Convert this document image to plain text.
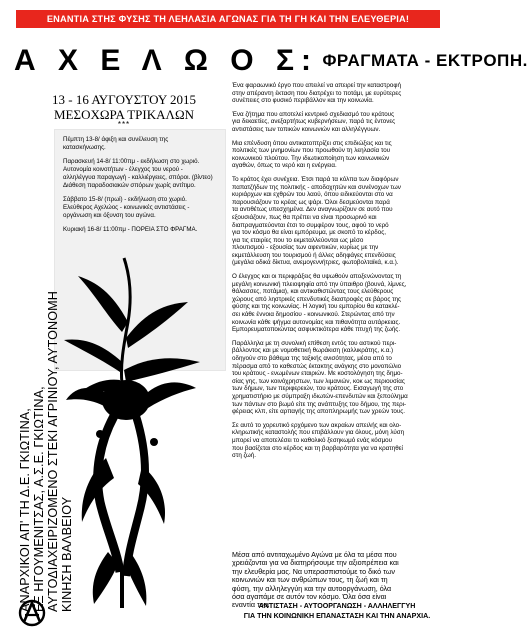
ΕΝΑΝΤΙΑ ΣΤΗΣ ΦΥΣΗΣ ΤΗ ΛΕΗΛΑΣΙΑ ΑΓΩΝΑΣ ΓΙΑ ΤΗ ΓΗ ΚΑΙ ΤΗΝ ΕΛΕΥΘΕΡΙΑ!
Α Χ Ε Λ Ω Ο Σ: ΦΡΑΓΜΑΤΑ - ΕΚΤΡΟΠΗ.
13 - 16 ΑΥΓΟΥΣΤΟΥ 2015
ΜΕΣΟΧΩΡΑ ΤΡΙΚΑΛΩΝ
***

Πέμπτη 13-8/ άφιξη και συνέλευση της
κατασκήνωσης.

Παρασκευή 14-8/ 11:00πμ - εκδήλωση στο χωριό.
Αυτονομία κοινοτήτων - έλεγχος του νερού -
αλληλέγγυα παραγωγή - καλλιέργειες, σπόροι. (βίντεο)
Διάθεση παραδοσιακών σπόρων χωρίς αντίτιμο.

Σάββατο 15-8/ (πρωί) - εκδήλωση στο χωριό.
Ελεύθερος Αχελώος - κοινωνικές αντιστάσεις -
οργάνωση και όξυνση του αγώνα.

Κυριακή 16-8/ 11:00πμ - ΠΟΡΕΙΑ ΣΤΟ ΦΡΑΓΜΑ.

ΑΝΑΡΧΙΚΟΙ ΑΠ' ΤΗ Δ.Ε. ΓΚΙΩΤΙΝΑ, ΕΞ ΗΓΟΥΜΕΝΙΤΣΑΣ, Α.Σ.Ε. ΓΚΙΩΤΙΝΑ, ΑΥΤΟΔΙΑΧΕΙΡΙΖΟΜΕΝΟ ΣΤΕΚΙ ΑΓΡΙΝΙΟΥ, ΑΥΤΟΝΟΜΗ ΚΙΝΗΣΗ ΒΑΛΒΕΙΟΥ

Ένα φαραωνικό έργο που απειλεί να απειρεί την καταστροφή
στην απέραντη έκταση που διατρέχει το ποτάμι, με ευρύτερες
συνέπειες στο φυσικό περιβάλλον και την κοινωνία.

Ένα ζήτημα που αποτελεί κεντρικό σχεδιασμό του κράτους
για δεκαετίες, ανεξαρτήτως κυβερνήσεων, παρά τις έντονες
αντιστάσεις των τοπικών κοινωνιών και αλληλέγγυων.

Μια επένδυση όπου αντικατοπτρίζει στις επιδιώξεις και τις
πολιτικές των μνημονίων που προωθούν τη λεηλασία του
κοινωνικού πλούτου. Την ιδιωτικοποίηση των κοινωνικών
αγαθών, όπως το νερό και η ενέργεια.

Το κράτος έχει συνέχεια. Έτσι παρά τα κόλπα των διαφόρων
παπατζήδων της πολιτικής - αποδοχητών και συνένοχων των
κυριάρχων και εχθρών του λαού, όπου ειδικεύονται στο να
παρουσιάζουν το κρέας ως ψάρι. Όλοι δεσμεύονται παρά
τα αντιθέτως υπεσχημένα. Δεν αναγνωρίζουν σε αυτό που
εξουσιάζουν, πως θα πρέπει να είναι προσωρινό και
διαπραγματεύονται έτσι το συμφέρον τους, αφού το νερό
για τον κόσμο θα είναι εμπόρευμα, με σκοπό το κέρδος,
για τις εταιρίες που το εκμεταλλεύονται ως μέσο
πλουτισμού - εξουσίας των αφεντικών, κυρίως με την
εκμετάλλευση του τουρισμού ή άλλες αδηφάγες επενδύσεις
(μεγάλα οδικά δίκτυα, ανεμογεννήτριες, φωτοβολταϊκά, κ.α.).

Ο έλεγχος και οι περιφράξεις θα υψωθούν αποξενώνοντας τη
μεγάλη κοινωνική πλειοψηφία από την ύπαιθρο (βουνά, λίμνες,
θάλασσες, ποτάμια), και αντικαθιστώντας τους ελεύθερους
χώρους από ληστρικές επενδυτικές διαστροφές σε βάρος της
φύσης και της κοινωνίας. Η λογική του εμπορίου θα κατακλέ-
σει κάθε έννοια δημοσίου - κοινωνικού. Στερώντας από την
κοινωνία κάθε ψήγμα αυτονομίας και πιθανότητα αυτάρκειας.
Εμπορευματοποιώντας ασφυκτικότερα κάθε πτυχή της ζωής.

Παράλληλα με τη συνολική επίθεση εντός του αστικού περι-
βάλλοντος και με νομοθετική θωράκιση (καλλικράτης, κ.α.)
οδηγούν στο βάθεμα της ταξικής ανισότητας, μέσα από το
πέρασμα από το καθεστώς έκτακτης ανάγκης στο μονοπώλιο
του κράτους - ενωμένων εταιριών. Με κοστολόγηση της δημο-
σίας γης, των κοινόχρηστων, των λιμανιών, κοκ ως περιουσίας
των δήμων, των περιφερειών, του κράτους. Εισαγωγή της στο
χρηματιστήριο με σύμπραξη ιδιωτών-επενδυτών και ξεπούλημα
των πάντων στο βωμό είτε της ανάπτυξης του δήμου, της περι-
φέρειας κλπ, είτε αρπαγής της αποπληρωμής των χρεών τους.

Σε αυτό το χορευτικό ερχόμενο των ακραίων απειλής και ολο-
κληρωτικής καταστολής που επιβάλλουν για όλους, μόνη λύση
μπορεί να αποτελέσει το καθολικό ξεσηκωμό ενάς κόσμου
που βασίζεται στο κέρδος και τη βαρβαρότητα για να κρατηθεί
στη ζωή.

Μέσα από αντιταχωμένο Αγώνα με όλα τα μέσα που
χρειάζονται για να διατηρήσουμε την αξιοπρέπεια και
την ελευθερία μας. Να υπερασπιστούμε το δικό των
κοινωνιών και των ανθρώπων τους, τη ζωή και τη
φύση, την αλληλεγγύη και την αυτοοργάνωση, όλα
όσα αγαπάμε σε αυτόν τον κόσμο. Όλα όσα είναι
εναντία του.
ΑΝΤΙΣΤΑΣΗ - ΑΥΤΟΟΡΓΑΝΩΣΗ - ΑΛΛΗΛΕΓΓΥΗ
ΓΙΑ ΤΗΝ ΚΟΙΝΩΝΙΚΗ ΕΠΑΝΑΣΤΑΣΗ ΚΑΙ ΤΗΝ ΑΝΑΡΧΙΑ.
